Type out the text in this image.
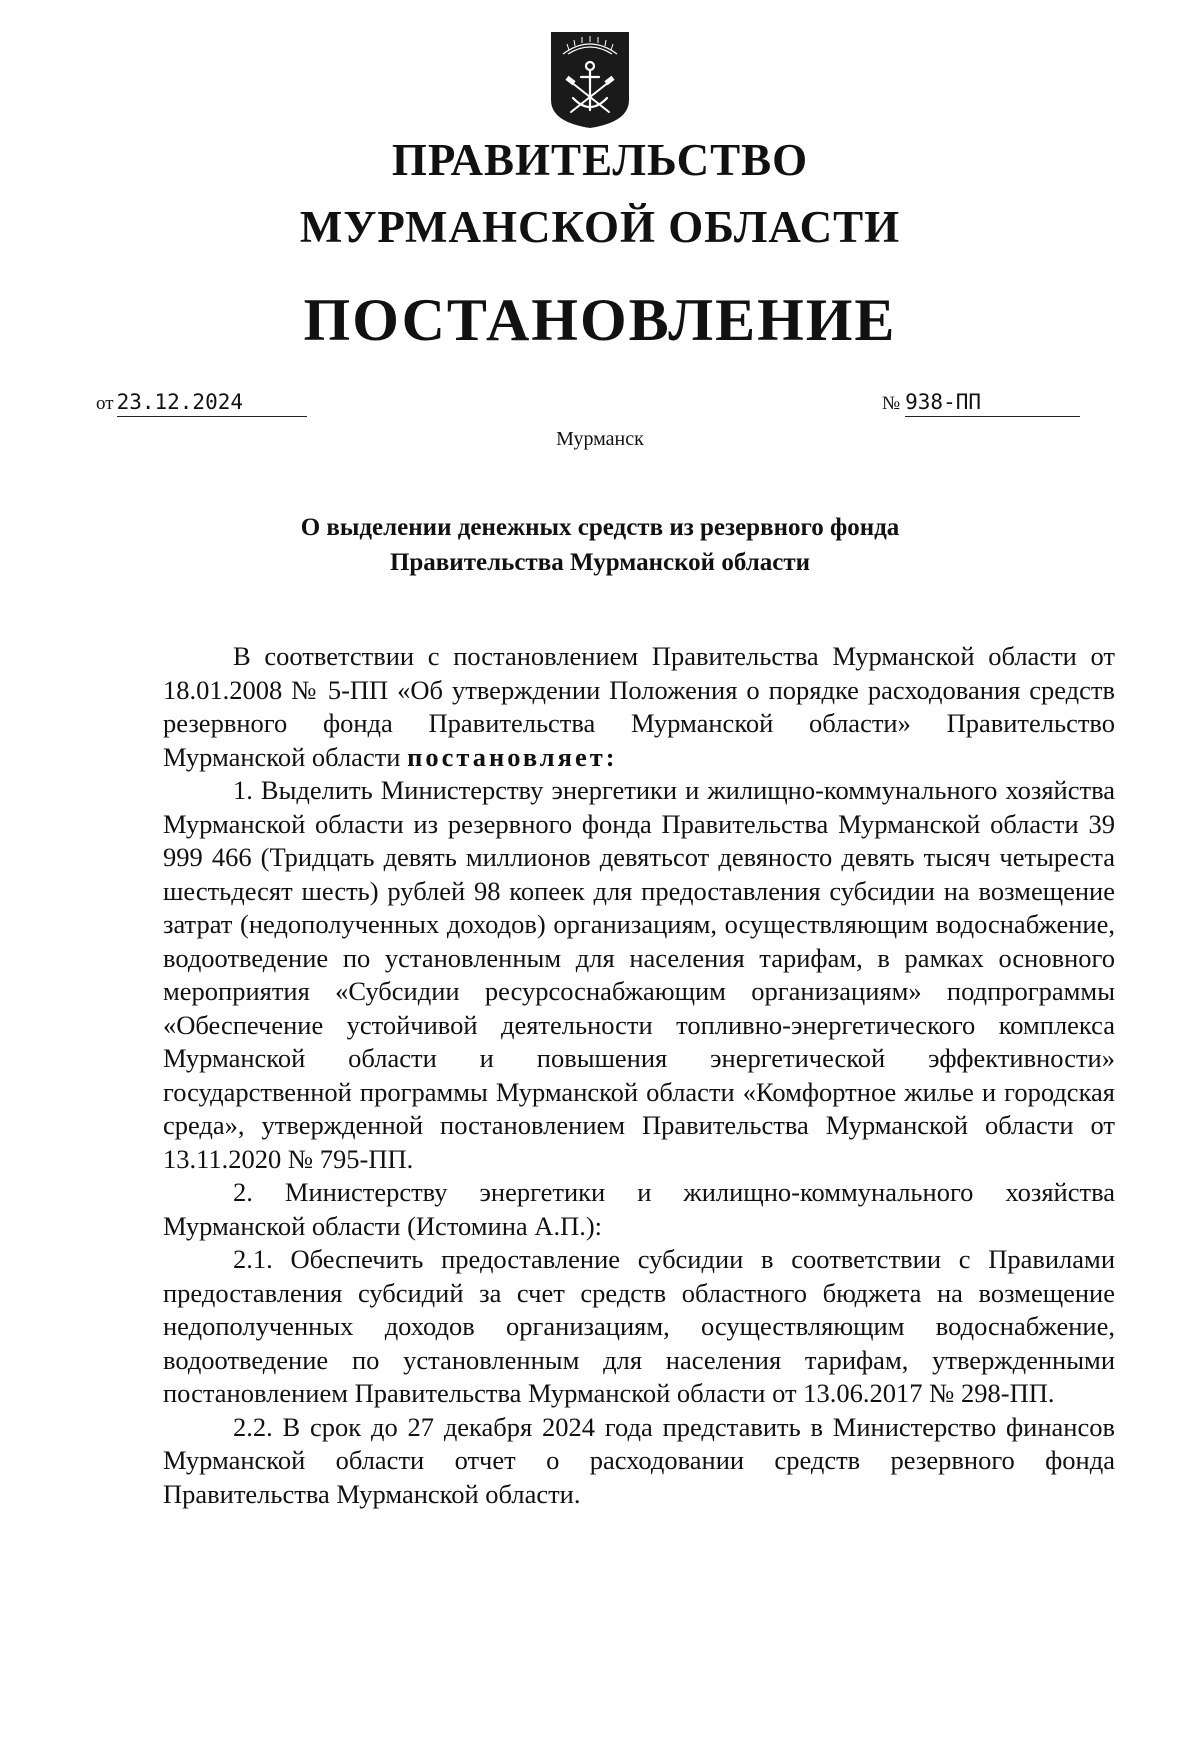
ПРАВИТЕЛЬСТВО
МУРМАНСКОЙ ОБЛАСТИ
ПОСТАНОВЛЕНИЕ
от 23.12.2024	№ 938-ПП
Мурманск
О выделении денежных средств из резервного фонда
Правительства Мурманской области

В соответствии с постановлением Правительства Мурманской области от 18.01.2008 № 5-ПП «Об утверждении Положения о порядке расходования средств резервного фонда Правительства Мурманской области» Правительство Мурманской области постановляет:

1. Выделить Министерству энергетики и жилищно-коммунального хозяйства Мурманской области из резервного фонда Правительства Мурманской области 39 999 466 (Тридцать девять миллионов девятьсот девяносто девять тысяч четыреста шестьдесят шесть) рублей 98 копеек для предоставления субсидии на возмещение затрат (недополученных доходов) организациям, осуществляющим водоснабжение, водоотведение по установленным для населения тарифам, в рамках основного мероприятия «Субсидии ресурсоснабжающим организациям» подпрограммы «Обеспечение устойчивой деятельности топливно-энергетического комплекса Мурманской области и повышения энергетической эффективности» государственной программы Мурманской области «Комфортное жилье и городская среда», утвержденной постановлением Правительства Мурманской области от 13.11.2020 № 795-ПП.

2. Министерству энергетики и жилищно-коммунального хозяйства Мурманской области (Истомина А.П.):

2.1. Обеспечить предоставление субсидии в соответствии с Правилами предоставления субсидий за счет средств областного бюджета на возмещение недополученных доходов организациям, осуществляющим водоснабжение, водоотведение по установленным для населения тарифам, утвержденными постановлением Правительства Мурманской области от 13.06.2017 № 298-ПП.

2.2. В срок до 27 декабря 2024 года представить в Министерство финансов Мурманской области отчет о расходовании средств резервного фонда Правительства Мурманской области.
